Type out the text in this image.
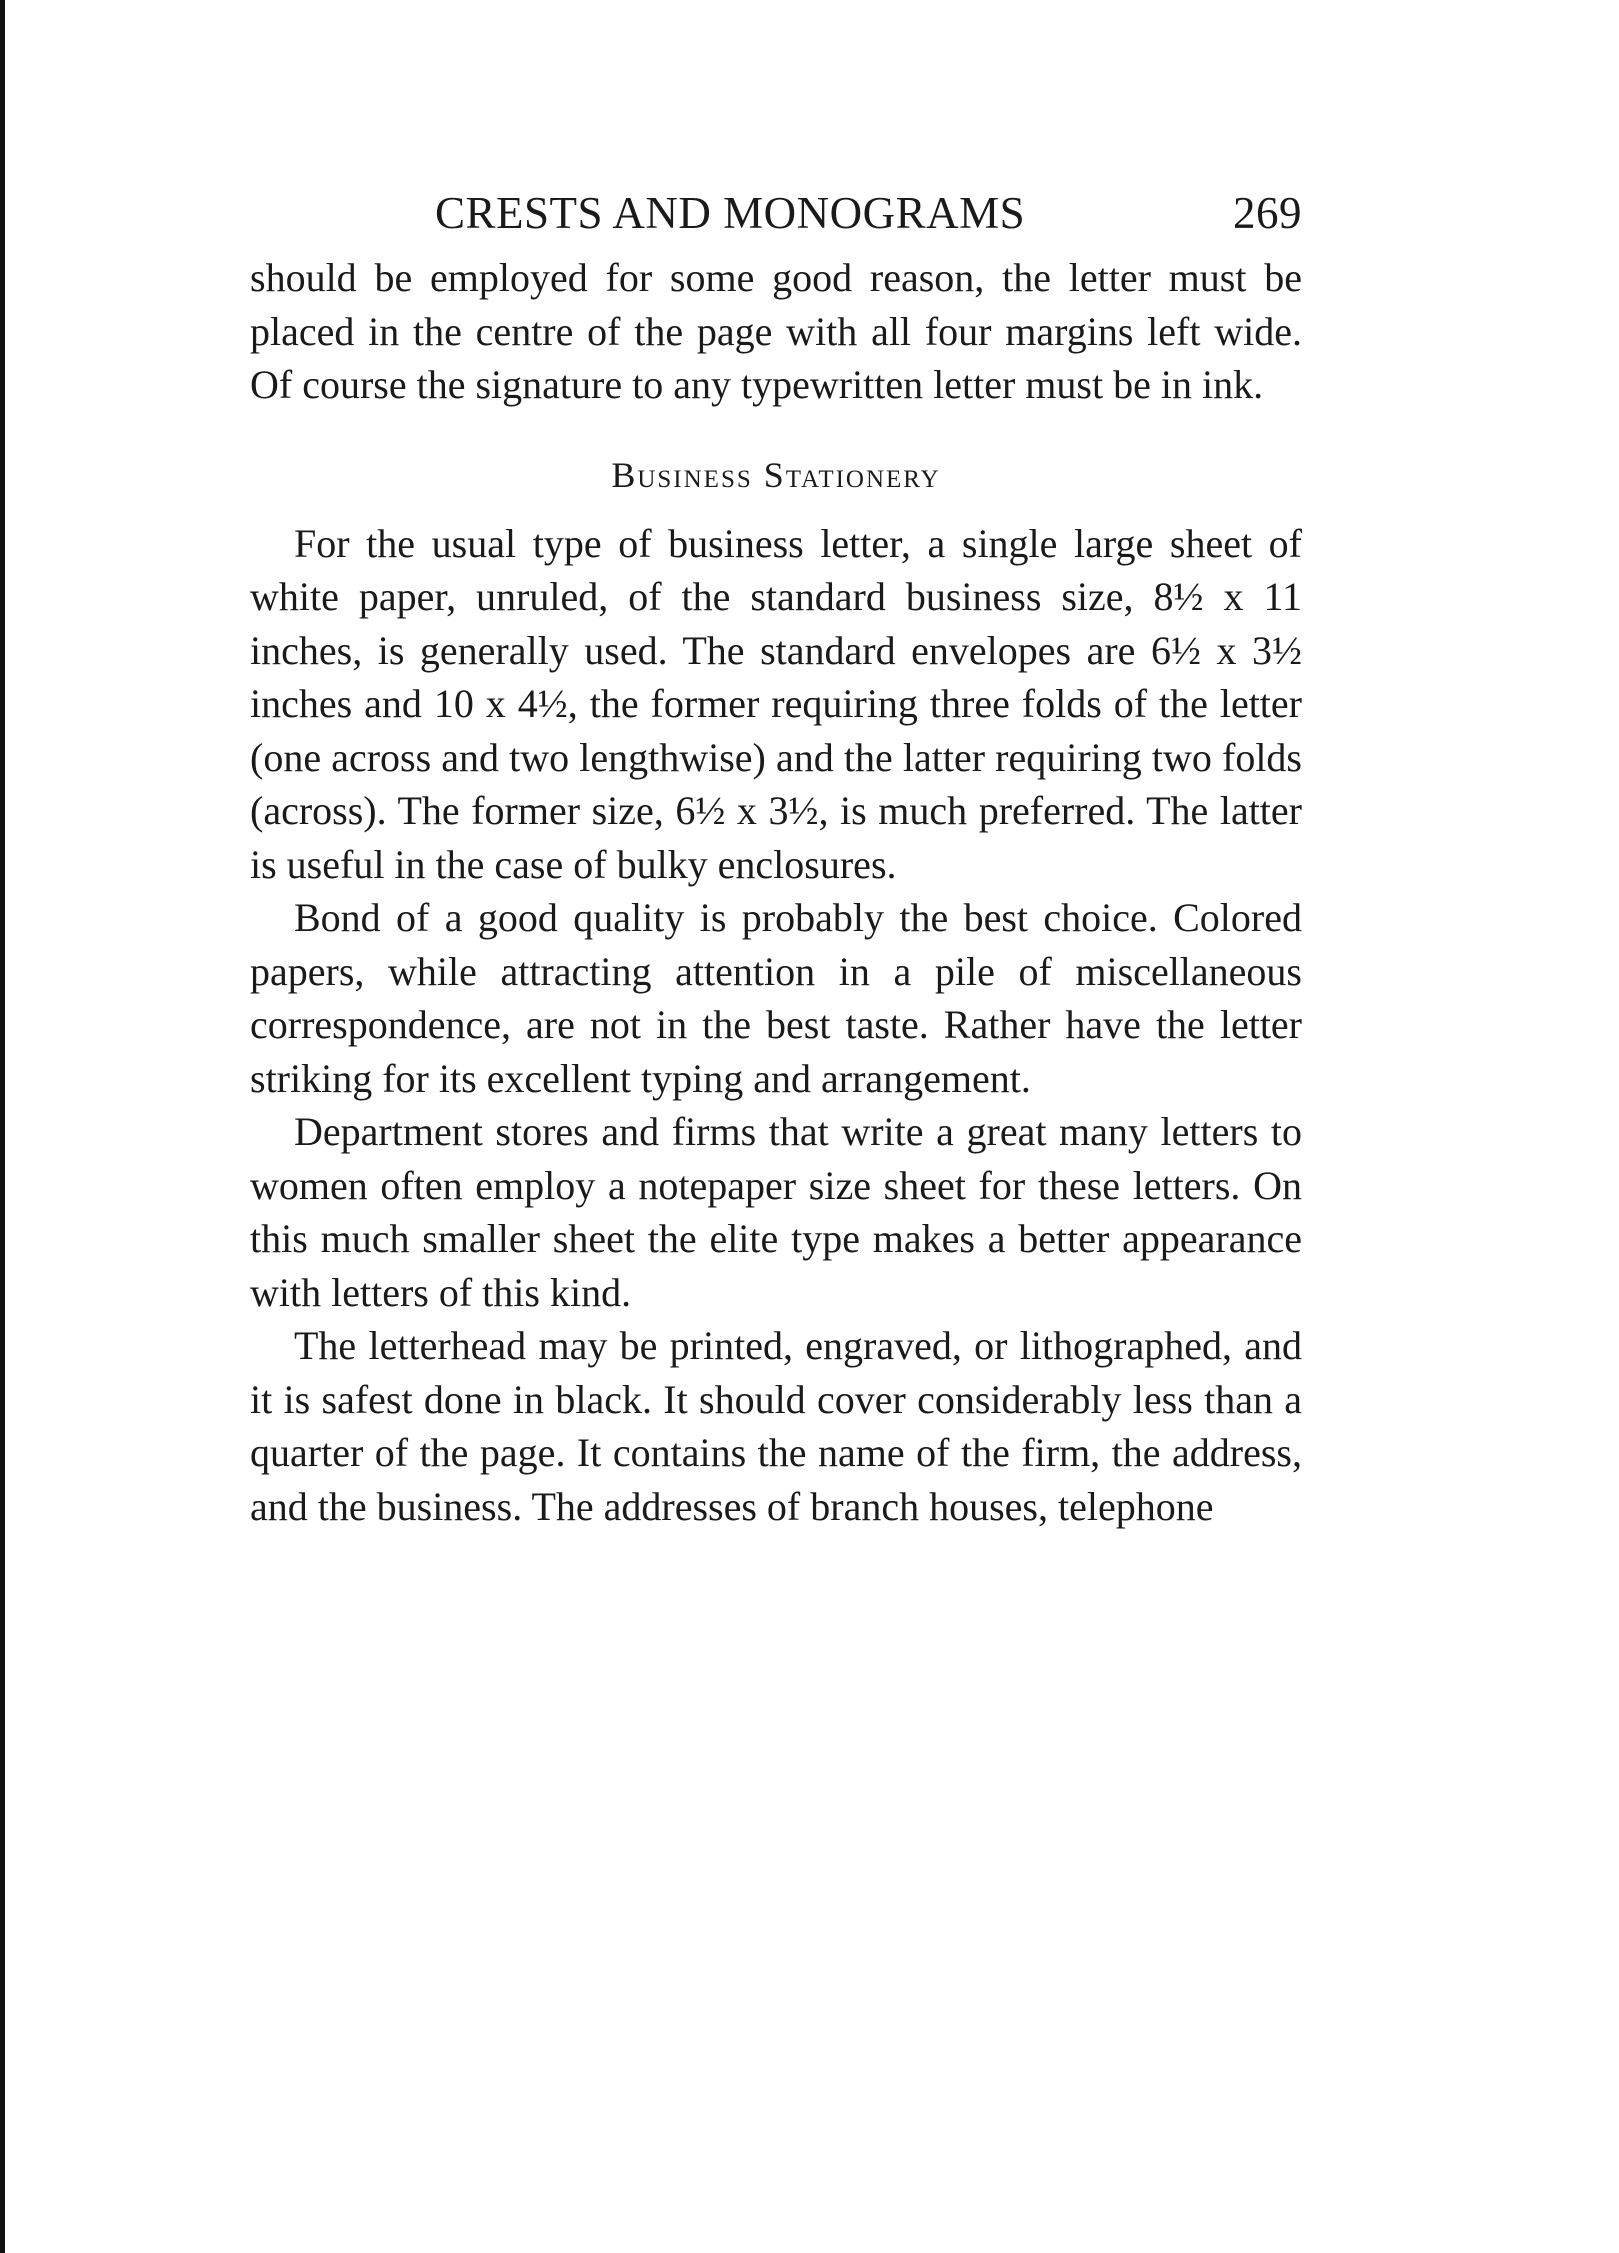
CRESTS AND MONOGRAMS	269

should be employed for some good reason, the letter must be placed in the centre of the page with all four margins left wide. Of course the signature to any typewritten letter must be in ink.

Business Stationery

For the usual type of business letter, a single large sheet of white paper, unruled, of the standard business size, 8½ x 11 inches, is generally used. The standard envelopes are 6½ x 3½ inches and 10 x 4½, the former requiring three folds of the letter (one across and two lengthwise) and the latter requiring two folds (across). The former size, 6½ x 3½, is much preferred. The latter is useful in the case of bulky enclosures.

Bond of a good quality is probably the best choice. Colored papers, while attracting attention in a pile of miscellaneous correspondence, are not in the best taste. Rather have the letter striking for its excellent typing and arrangement.

Department stores and firms that write a great many letters to women often employ a notepaper size sheet for these letters. On this much smaller sheet the elite type makes a better appearance with letters of this kind.

The letterhead may be printed, engraved, or lithographed, and it is safest done in black. It should cover considerably less than a quarter of the page. It contains the name of the firm, the address, and the business. The addresses of branch houses, telephone
